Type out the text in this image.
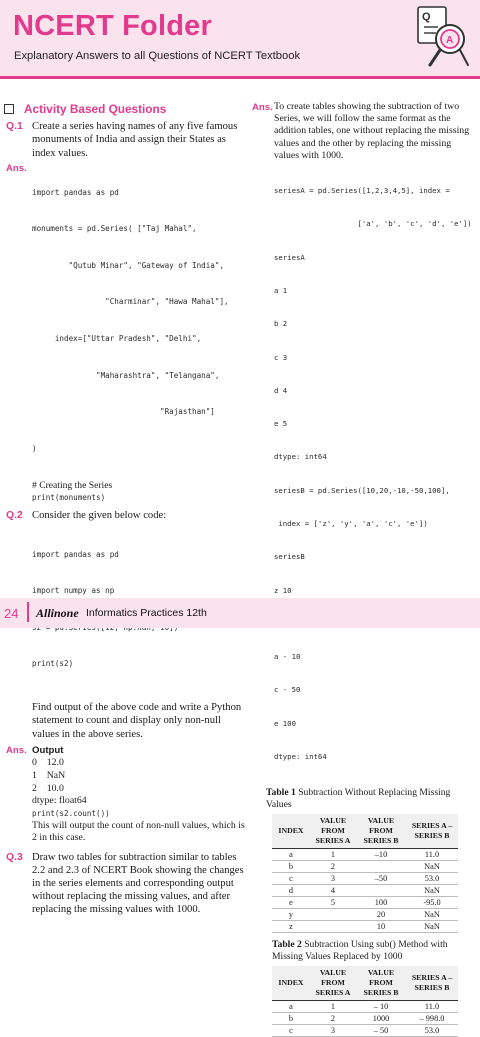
NCERT Folder
Explanatory Answers to all Questions of NCERT Textbook
Q
A
Activity Based Questions
Q.1 Create a series having names of any five famous monuments of India and assign their States as index values.
Ans.

import pandas as pd

monuments = pd.Series( ["Taj Mahal",

"Qutub Minar", "Gateway of India",

"Charminar", "Hawa Mahal"],

index=["Uttar Pradesh", "Delhi",

"Maharashtra", "Telangana",

"Rajasthan"]

)

# Creating the Series
print(monuments)
Q.2 Consider the given below code:

import pandas as pd

import numpy as np

print(s2)

Find output of the above code and write a Python statement to count and display only non-null values in the above series.
Ans. Output
0    12.0
1    NaN
2    10.0
dtype: float64
print(s2.count())
This will output the count of non-null values, which is 2 in this case.
Q.3 Draw two tables for subtraction similar to tables 2.2 and 2.3 of NCERT Book showing the changes in the series elements and corresponding output without replacing the missing values, and after replacing the missing values with 1000.
Ans. To create tables showing the subtraction of two Series, we will follow the same format as the addition tables, one without replacing the missing values and the other by replacing the missing values with 1000.

seriesA = pd.Series([1,2,3,4,5], index =

['a', 'b', 'c', 'd', 'e'])

seriesA

a 1

b 2

c 3

d 4

e 5

dtype: int64

seriesB = pd.Series([10,20,-10,-50,100],

index = ['z', 'y', 'a', 'c', 'e'])

seriesB

z 10

a - 10

c - 50

e 100

dtype: int64

Table 1 Subtraction Without Replacing Missing Values
INDEX	VALUE FROM SERIES A	VALUE FROM SERIES B	SERIES A – SERIES B
a	1	–10	11.0
b	2		NaN
c	3	–50	53.0
d	4		NaN
e	5	100	-95.0
y		20	NaN
z		10	NaN
Table 2 Subtraction Using sub() Method with Missing Values Replaced by 1000
INDEX	VALUE FROM SERIES A	VALUE FROM SERIES B	SERIES A – SERIES B
a	1	– 10	11.0
b	2	1000	– 998.0
c	3	– 50	53.0
24 Allinone Informatics Practices 12th
